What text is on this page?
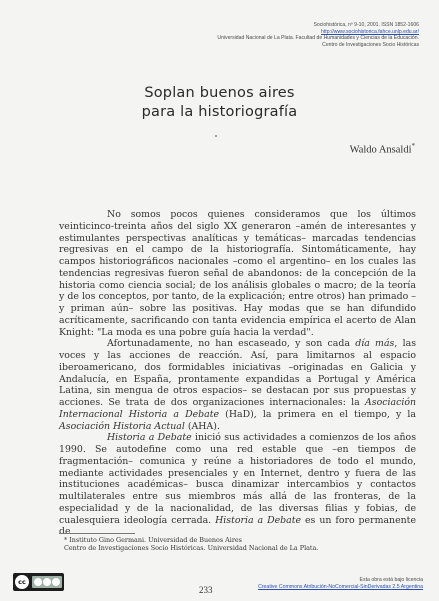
Sociohistórica, nº 9-10, 2001. ISSN 1852-1606
http://www.sociohistorica.fahce.unlp.edu.ar/
Universidad Nacional de La Plata. Facultad de Humanidades y Ciencias de la Educación.
Centro de Investigaciones Socio Históricas
Soplan buenos aires
para la historiografía
Waldo Ansaldi*

No somos pocos quienes consideramos que los últimos veinticinco-treinta años del siglo XX generaron –amén de interesantes y estimulantes perspectivas analíticas y temáticas– marcadas tendencias regresivas en el campo de la historiografía. Sintomáticamente, hay campos historiográficos nacionales –como el argentino– en los cuales las tendencias regresivas fueron señal de abandonos: de la concepción de la historia como ciencia social; de los análisis globales o macro; de la teoría y de los conceptos, por tanto, de la explicación; entre otros) han primado –y priman aún– sobre las positivas. Hay modas que se han difundido acríticamente, sacrificando con tanta evidencia empírica el acerto de Alan Knight: "La moda es una pobre guía hacia la verdad".

Afortunadamente, no han escaseado, y son cada día más, las voces y las acciones de reacción. Así, para limitarnos al espacio iberoamericano, dos formidables iniciativas –originadas en Galicia y Andalucía, en España, prontamente expandidas a Portugal y América Latina, sin mengua de otros espacios– se destacan por sus propuestas y acciones. Se trata de dos organizaciones internacionales: la Asociación Internacional Historia a Debate (HaD), la primera en el tiempo, y la Asociación Historia Actual (AHA).

Historia a Debate inició sus actividades a comienzos de los años 1990. Se autodefine como una red estable que –en tiempos de fragmentación– comunica y reúne a historiadores de todo el mundo, mediante actividades presenciales y en Internet, dentro y fuera de las instituciones académicas– busca dinamizar intercambios y contactos multilaterales entre sus miembros más allá de las fronteras, de la especialidad y de la nacionalidad, de las diversas filias y fobias, de cualesquiera ideología cerrada. Historia a Debate es un foro permanente de

* Instituto Gino Germani. Universidad de Buenos Aires

Centro de Investigaciones Socio Históricas. Universidad Nacional de La Plata.

cc
233
Esta obra está bajo licencia
Creative Commons Atribución-NoComercial-SinDerivadas 2.5 Argentina
